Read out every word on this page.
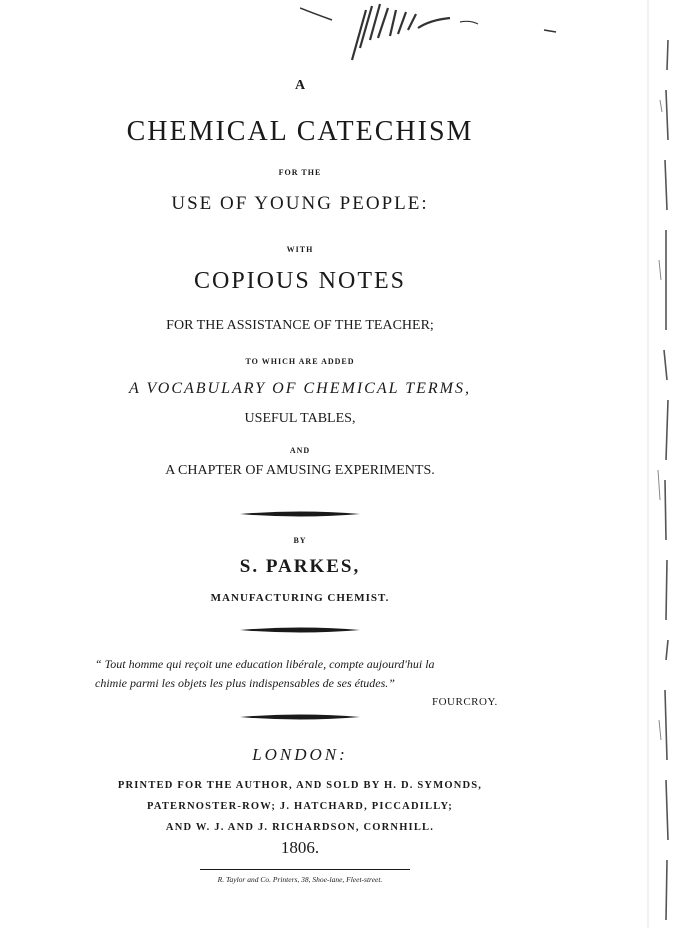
A
CHEMICAL CATECHISM
FOR THE
USE OF YOUNG PEOPLE:
WITH
COPIOUS NOTES
FOR THE ASSISTANCE OF THE TEACHER;
TO WHICH ARE ADDED
A VOCABULARY OF CHEMICAL TERMS,
USEFUL TABLES,
AND
A CHAPTER OF AMUSING EXPERIMENTS.
BY
S. PARKES,
MANUFACTURING CHEMIST.
“ Tout homme qui reçoit une education libérale, compte aujourd'hui la
chimie parmi les objets les plus indispensables de ses études.”
FOURCROY.
LONDON:
PRINTED FOR THE AUTHOR, AND SOLD BY H. D. SYMONDS,
PATERNOSTER-ROW; J. HATCHARD, PICCADILLY;
AND W. J. AND J. RICHARDSON, CORNHILL.
1806.
R. Taylor and Co. Printers, 38, Shoe-lane, Fleet-street.
